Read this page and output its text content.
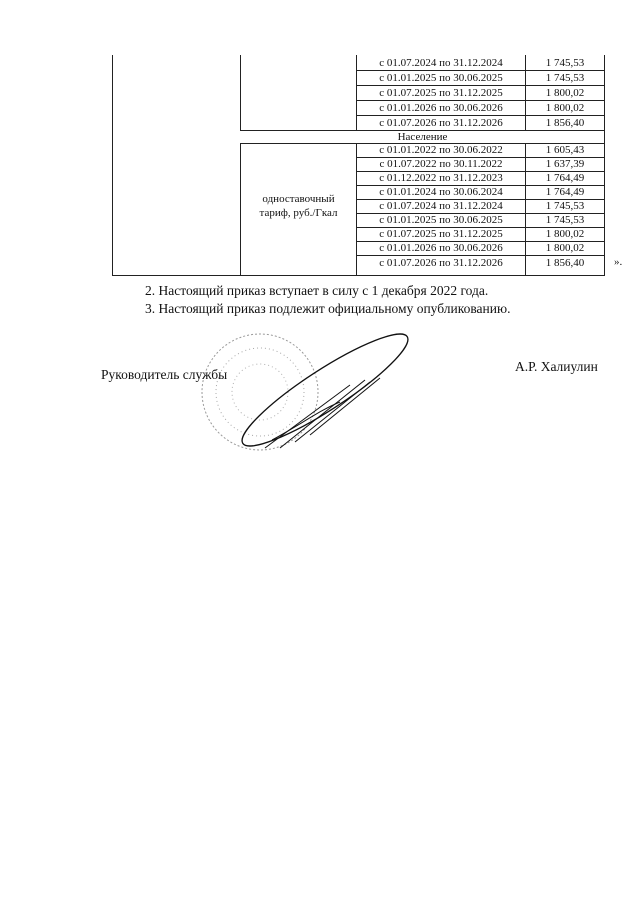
с 01.07.2024 по 31.12.2024	1 745,53
с 01.01.2025 по 30.06.2025	1 745,53
с 01.07.2025 по 31.12.2025	1 800,02
с 01.01.2026 по 30.06.2026	1 800,02
с 01.07.2026 по 31.12.2026	1 856,40
Население
одноставочный
тариф, руб./Гкал
с 01.01.2022 по 30.06.2022	1 605,43
с 01.07.2022 по 30.11.2022	1 637,39
с 01.12.2022 по 31.12.2023	1 764,49
с 01.01.2024 по 30.06.2024	1 764,49
с 01.07.2024 по 31.12.2024	1 745,53
с 01.01.2025 по 30.06.2025	1 745,53
с 01.07.2025 по 31.12.2025	1 800,02
с 01.01.2026 по 30.06.2026	1 800,02
с 01.07.2026 по 31.12.2026	1 856,40	».
2. Настоящий приказ вступает в силу с 1 декабря 2022 года.
3. Настоящий приказ подлежит официальному опубликованию.
Руководитель службы
А.Р. Халиулин
